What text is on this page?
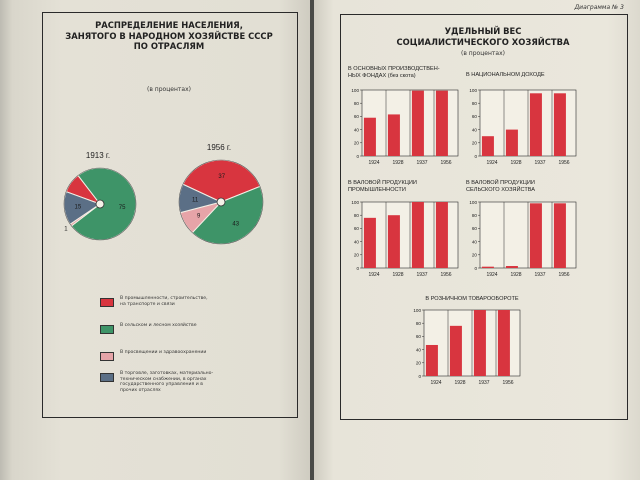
РАСПРЕДЕЛЕНИЕ НАСЕЛЕНИЯ,
ЗАНЯТОГО В НАРОДНОМ ХОЗЯЙСТВЕ СССР
ПО ОТРАСЛЯМ
(в процентах)
1913 г.
75
1
15
1956 г.
37
43
9
11
В промышленности, строительстве,
на транспорте и связи
В сельском и лесном хозяйстве
В просвещении и здравоохранении
В торговле, заготовках, материально-
техническом снабжении, в органах
государственного управления и в
прочих отраслях
Диаграмма № 3
УДЕЛЬНЫЙ ВЕС
СОЦИАЛИСТИЧЕСКОГО ХОЗЯЙСТВА
(в процентах)
В ОСНОВНЫХ ПРОИЗВОДСТВЕН-
НЫХ ФОНДАХ (без скота)
0
20
40
60
80
100
1924	1928	1937	1956
В НАЦИОНАЛЬНОМ ДОХОДЕ
0
20
40
60
80
100
1924	1928	1937	1956
В ВАЛОВОЙ ПРОДУКЦИИ
ПРОМЫШЛЕННОСТИ
0
20
40
60
80
100
1924	1928	1937	1956
В ВАЛОВОЙ ПРОДУКЦИИ
СЕЛЬСКОГО ХОЗЯЙСТВА
0
20
40
60
80
100
1924	1928	1937	1956
В РОЗНИЧНОМ ТОВАРООБОРОТЕ
0
20
40
60
80
100
1924	1928	1937	1956
